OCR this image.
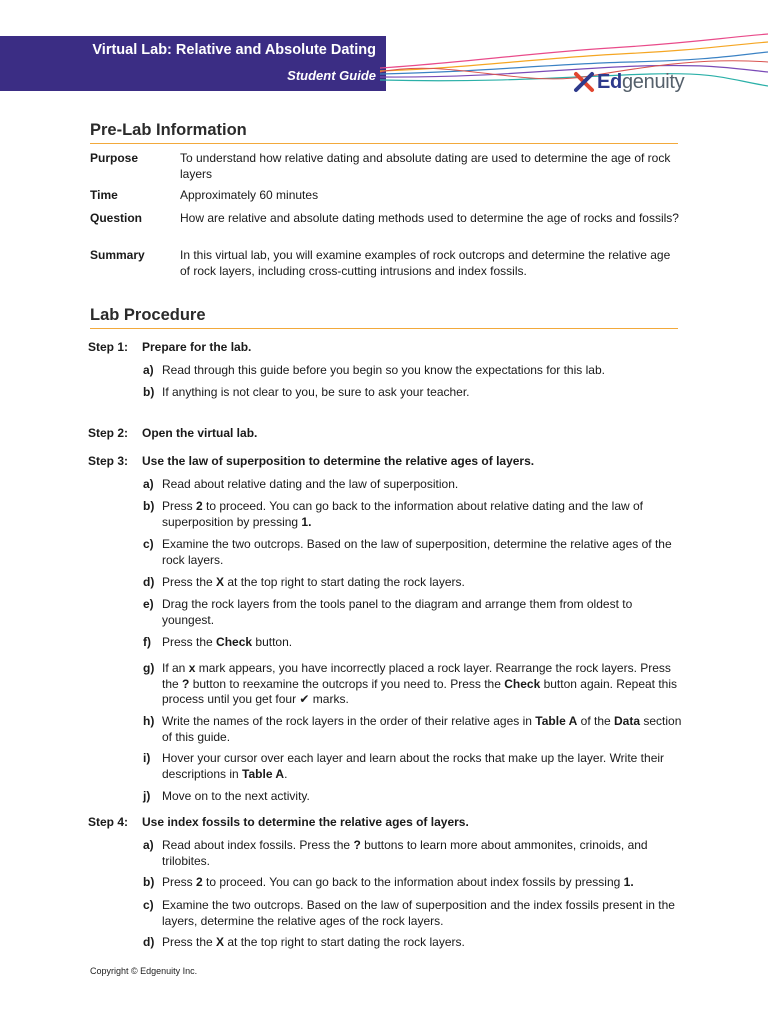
Virtual Lab: Relative and Absolute Dating
Student Guide	Edgenuity
Pre-Lab Information
Purpose	To understand how relative dating and absolute dating are used to determine the age of rock layers
Time	Approximately 60 minutes
Question	How are relative and absolute dating methods used to determine the age of rocks and fossils?
Summary	In this virtual lab, you will examine examples of rock outcrops and determine the relative age of rock layers, including cross-cutting intrusions and index fossils.
Lab Procedure
Step 1: Prepare for the lab.
a) Read through this guide before you begin so you know the expectations for this lab.
b) If anything is not clear to you, be sure to ask your teacher.
Step 2: Open the virtual lab.
Step 3: Use the law of superposition to determine the relative ages of layers.
a) Read about relative dating and the law of superposition.
b) Press 2 to proceed. You can go back to the information about relative dating and the law of superposition by pressing 1.
c) Examine the two outcrops. Based on the law of superposition, determine the relative ages of the rock layers.
d) Press the X at the top right to start dating the rock layers.
e) Drag the rock layers from the tools panel to the diagram and arrange them from oldest to youngest.
f) Press the Check button.
g) If an x mark appears, you have incorrectly placed a rock layer. Rearrange the rock layers. Press the ? button to reexamine the outcrops if you need to. Press the Check button again. Repeat this process until you get four ✔ marks.
h) Write the names of the rock layers in the order of their relative ages in Table A of the Data section of this guide.
i) Hover your cursor over each layer and learn about the rocks that make up the layer. Write their descriptions in Table A.
j) Move on to the next activity.
Step 4: Use index fossils to determine the relative ages of layers.
a) Read about index fossils. Press the ? buttons to learn more about ammonites, crinoids, and trilobites.
b) Press 2 to proceed. You can go back to the information about index fossils by pressing 1.
c) Examine the two outcrops. Based on the law of superposition and the index fossils present in the layers, determine the relative ages of the rock layers.
d) Press the X at the top right to start dating the rock layers.
Copyright © Edgenuity Inc.
